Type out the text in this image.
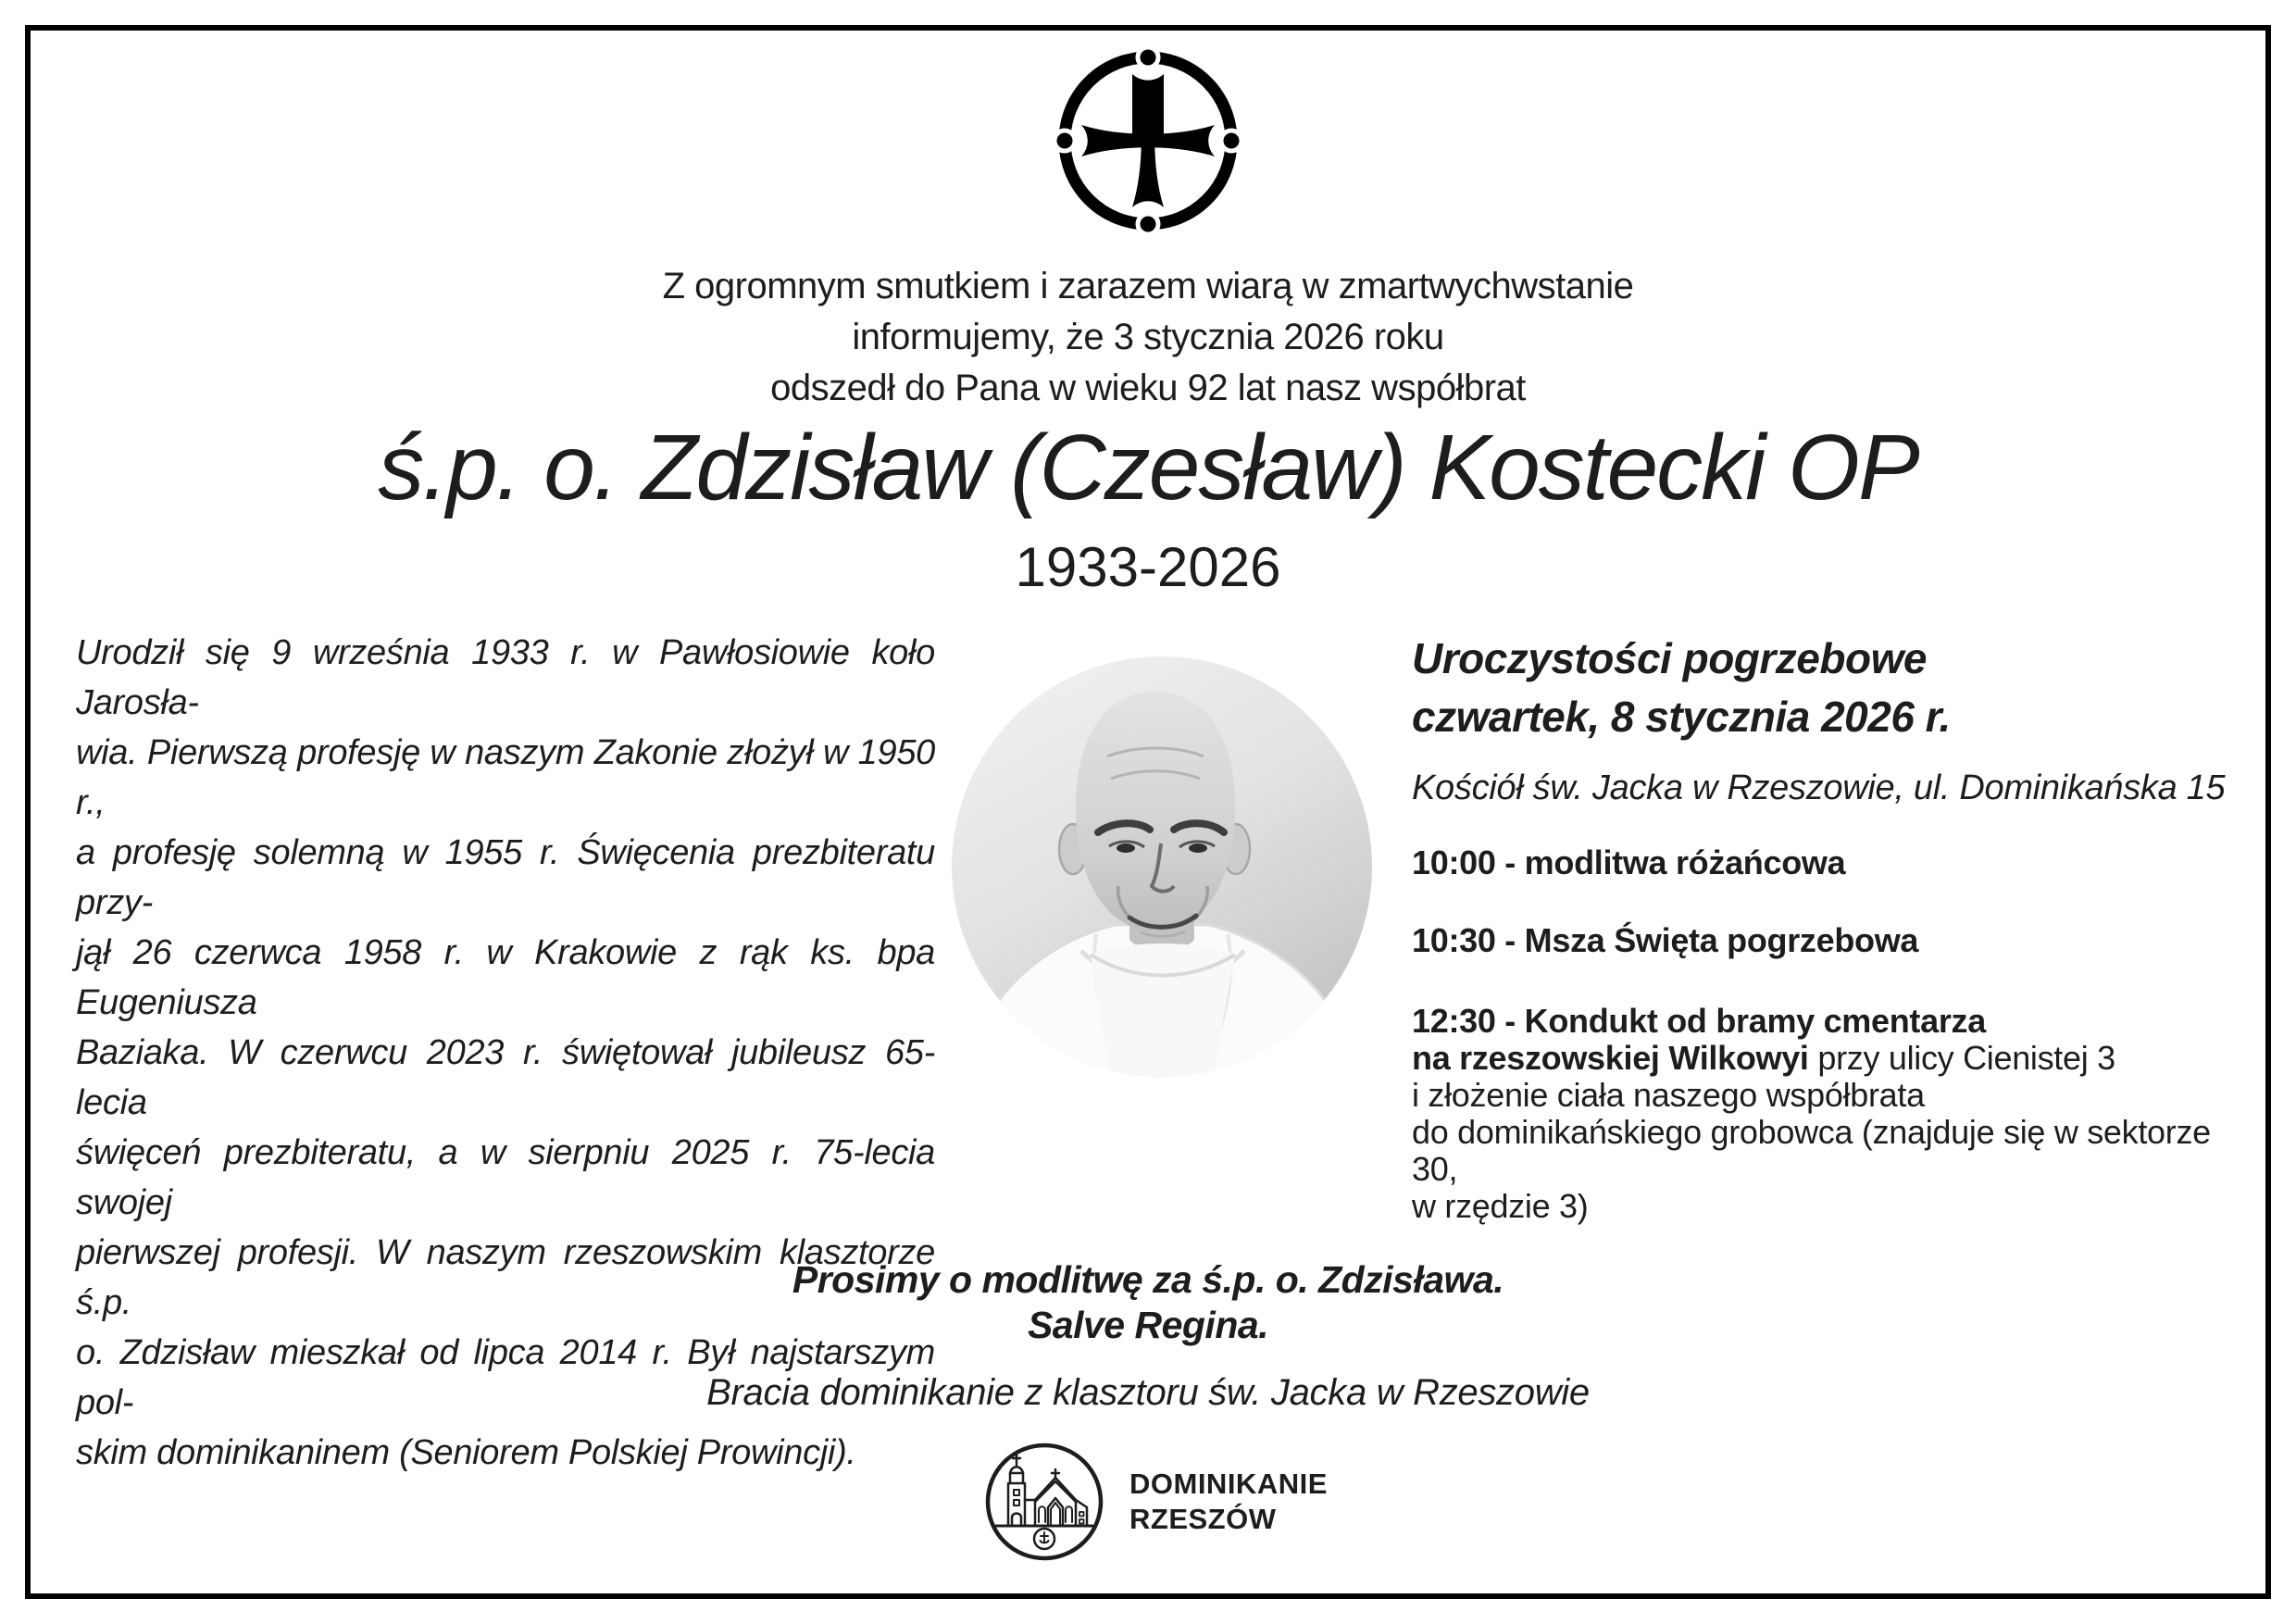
Z ogromnym smutkiem i zarazem wiarą w zmartwychwstanie
informujemy, że 3 stycznia 2026 roku
odszedł do Pana w wieku 92 lat nasz współbrat
ś.p. o. Zdzisław (Czesław) Kostecki OP
1933-2026
Urodził się 9 września 1933 r. w Pawłosiowie koło Jarosła-
wia. Pierwszą profesję w naszym Zakonie złożył w 1950 r.,
a profesję solemną w 1955 r. Święcenia prezbiteratu przy-
jął 26 czerwca 1958 r. w Krakowie z rąk ks. bpa Eugeniusza
Baziaka. W czerwcu 2023 r. świętował jubileusz 65-lecia
święceń prezbiteratu, a w sierpniu 2025 r. 75-lecia swojej
pierwszej profesji. W naszym rzeszowskim klasztorze ś.p.
o. Zdzisław mieszkał od lipca 2014 r. Był najstarszym pol-
skim dominikaninem (Seniorem Polskiej Prowincji).
Uroczystości pogrzebowe
czwartek, 8 stycznia 2026 r.
Kościół św. Jacka w Rzeszowie, ul. Dominikańska 15
10:00 - modlitwa różańcowa
10:30 - Msza Święta pogrzebowa
12:30 - Kondukt od bramy cmentarza
na rzeszowskiej Wilkowyi przy ulicy Cienistej 3
i złożenie ciała naszego współbrata
do dominikańskiego grobowca (znajduje się w sektorze 30,
w rzędzie 3)
Prosimy o modlitwę za ś.p. o. Zdzisława.
Salve Regina.
Bracia dominikanie z klasztoru św. Jacka w Rzeszowie
DOMINIKANIE
RZESZÓW
